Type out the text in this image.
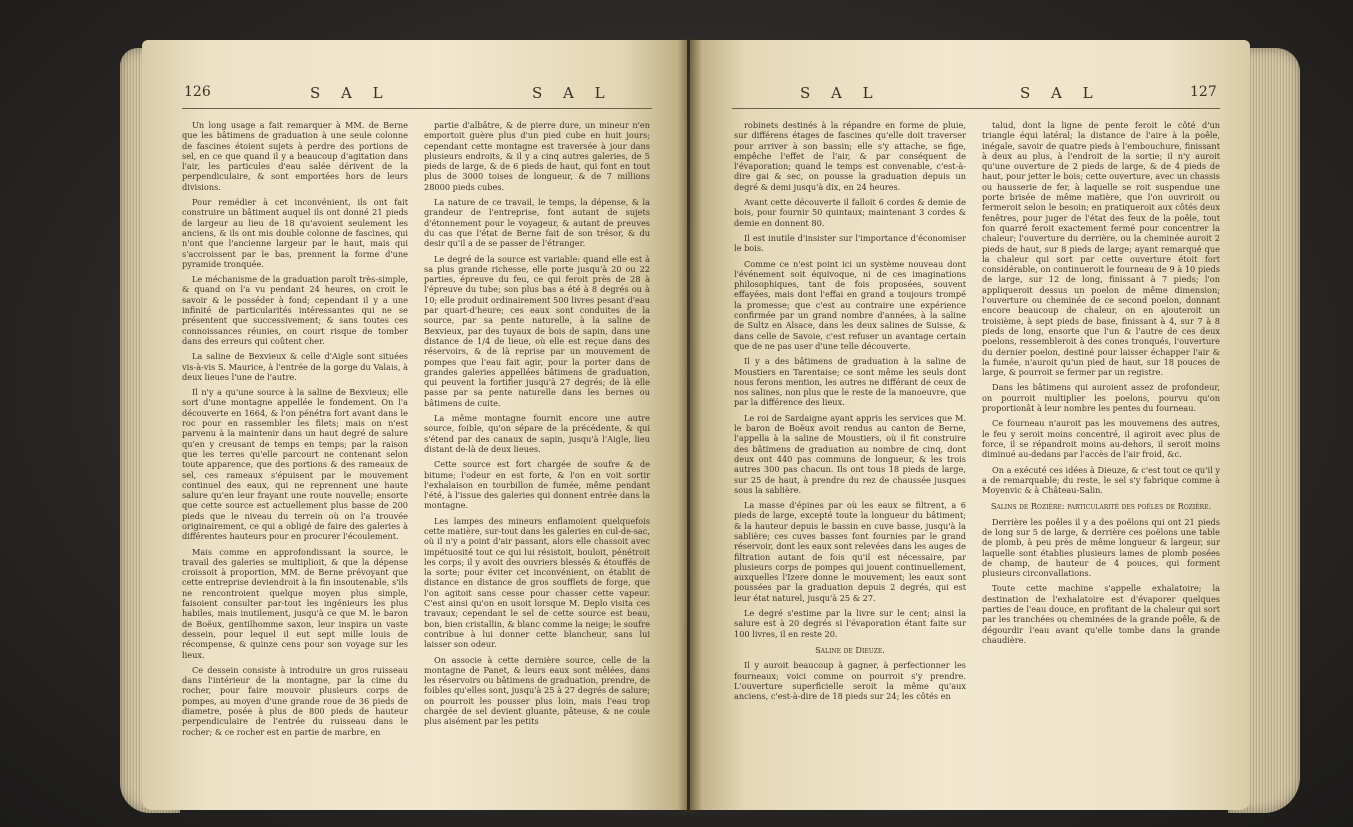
126	S A L	S A L

Un long usage a fait remarquer à MM. de Berne que les bâtimens de graduation à une seule colonne de fascines étoient sujets à perdre des portions de sel, en ce que quand il y a beaucoup d'agitation dans l'air, les particules d'eau salée dérivent de la perpendiculaire, & sont emportées hors de leurs divisions.

Pour remédier à cet inconvénient, ils ont fait construire un bâtiment auquel ils ont donné 21 pieds de largeur au lieu de 18 qu'avoient seulement les anciens, & ils ont mis double colonne de fascines, qui n'ont que l'ancienne largeur par le haut, mais qui s'accroissent par le bas, prennent la forme d'une pyramide tronquée.

Le méchanisme de la graduation paroît très-simple, & quand on l'a vu pendant 24 heures, on croit le savoir & le posséder à fond; cependant il y a une infinité de particularités intéressantes qui ne se présentent que successivement; & sans toutes ces connoissances réunies, on court risque de tomber dans des erreurs qui coûtent cher.

La saline de Bexvieux & celle d'Aigle sont situées vis-à-vis S. Maurice, à l'entrée de la gorge du Valais, à deux lieues l'une de l'autre.

Il n'y a qu'une source à la saline de Bexvieux; elle sort d'une montagne appellée le fondement. On l'a découverte en 1664, & l'on pénétra fort avant dans le roc pour en rassembler les filets; mais on n'est parvenu à la maintenir dans un haut degré de salure qu'en y creusant de temps en temps; par la raison que les terres qu'elle parcourt ne contenant selon toute apparence, que des portions & des rameaux de sel, ces rameaux s'épuisent par le mouvement continuel des eaux, qui ne reprennent une haute salure qu'en leur frayant une route nouvelle; ensorte que cette source est actuellement plus basse de 200 pieds que le niveau du terrein où on l'a trouvée originairement, ce qui a obligé de faire des galeries à différentes hauteurs pour en procurer l'écoulement.

Mais comme en approfondissant la source, le travail des galeries se multiplioit, & que la dépense croissoit à proportion, MM. de Berne prévoyant que cette entreprise deviendroit à la fin insoutenable, s'ils ne rencontroient quelque moyen plus simple, faisoient consulter par-tout les ingénieurs les plus habiles, mais inutilement, jusqu'à ce que M. le baron de Boëux, gentilhomme saxon, leur inspira un vaste dessein, pour lequel il eut sept mille louis de récompense, & quinze cens pour son voyage sur les lieux.

Ce dessein consiste à introduire un gros ruisseau dans l'intérieur de la montagne, par la cime du rocher, pour faire mouvoir plusieurs corps de pompes, au moyen d'une grande roue de 36 pieds de diametre, posée à plus de 800 pieds de hauteur perpendiculaire de l'entrée du ruisseau dans le rocher; & ce rocher est en partie de marbre, en

partie d'albâtre, & de pierre dure, un mineur n'en emportoit guère plus d'un pied cube en huit jours; cependant cette montagne est traversée à jour dans plusieurs endroits, & il y a cinq autres galeries, de 5 pieds de large, & de 6 pieds de haut, qui font en tout plus de 3000 toises de longueur, & de 7 millions 28000 pieds cubes.

La nature de ce travail, le temps, la dépense, & la grandeur de l'entreprise, font autant de sujets d'étonnement pour le voyageur, & autant de preuves du cas que l'état de Berne fait de son trésor, & du desir qu'il a de se passer de l'étranger.

Le degré de la source est variable: quand elle est à sa plus grande richesse, elle porte jusqu'à 20 ou 22 parties, épreuve du feu, ce qui feroit près de 28 à l'épreuve du tube; son plus bas a été à 8 degrés ou à 10; elle produit ordinairement 500 livres pesant d'eau par quart-d'heure; ces eaux sont conduites de la source, par sa pente naturelle, à la saline de Bexvieux, par des tuyaux de bois de sapin, dans une distance de 1/4 de lieue, où elle est reçue dans des réservoirs, & de là reprise par un mouvement de pompes que l'eau fait agir, pour la porter dans de grandes galeries appellées bâtimens de graduation, qui peuvent la fortifier jusqu'à 27 degrés; de là elle passe par sa pente naturelle dans les bernes ou bâtimens de cuite.

La même montagne fournit encore une autre source, foible, qu'on sépare de la précédente, & qui s'étend par des canaux de sapin, jusqu'à l'Aigle, lieu distant de-là de deux lieues.

Cette source est fort chargée de soufre & de bitume; l'odeur en est forte, & l'on en voit sortir l'exhalaison en tourbillon de fumée, même pendant l'été, à l'issue des galeries qui donnent entrée dans la montagne.

Les lampes des mineurs enflamoient quelquefois cette matière, sur-tout dans les galeries en cul-de-sac, où il n'y a point d'air passant, alors elle chassoit avec impétuosité tout ce qui lui résistoit, bouloit, pénétroit les corps; il y avoit des ouvriers blessés & étouffés de la sorte; pour éviter cet inconvénient, on établit de distance en distance de gros soufflets de forge, que l'on agitoit sans cesse pour chasser cette vapeur. C'est ainsi qu'on en usoit lorsque M. Deplo visita ces travaux; cependant le sel de cette source est beau, bon, bien cristallin, & blanc comme la neige; le soufre contribue à lui donner cette blancheur, sans lui laisser son odeur.

On associe à cette dernière source, celle de la montagne de Panet, & leurs eaux sont mêlées, dans les réservoirs ou bâtimens de graduation, prendre, de foibles qu'elles sont, jusqu'à 25 à 27 degrés de salure; on pourroit les pousser plus loin, mais l'eau trop chargée de sel devient gluante, pâteuse, & ne coule plus aisément par les petits

S A L	S A L	127

robinets destinés à la répandre en forme de pluie, sur différens étages de fascines qu'elle doit traverser pour arriver à son bassin; elle s'y attache, se fige, empêche l'effet de l'air, & par conséquent de l'évaporation; quand le temps est convenable, c'est-à-dire gai & sec, on pousse la graduation depuis un degré & demi jusqu'à dix, en 24 heures.

Avant cette découverte il falloit 6 cordes & demie de bois, pour fournir 50 quintaux; maintenant 3 cordes & demie en donnent 80.

Il est inutile d'insister sur l'importance d'économiser le bois.

Comme ce n'est point ici un système nouveau dont l'événement soit équivoque, ni de ces imaginations philosophiques, tant de fois proposées, souvent effayées, mais dont l'effai en grand a toujours trompé la promesse; que c'est au contraire une expérience confirmée par un grand nombre d'années, à la saline de Sultz en Alsace, dans les deux salines de Suisse, & dans celle de Savoie, c'est refuser un avantage certain que de ne pas user d'une telle découverte.

Il y a des bâtimens de graduation à la saline de Moustiers en Tarentaise; ce sont même les seuls dont nous ferons mention, les autres ne différant de ceux de nos salines, non plus que le reste de la manoeuvre, que par la différence des lieux.

Le roi de Sardaigne ayant appris les services que M. le baron de Boëux avoit rendus au canton de Berne, l'appella à la saline de Moustiers, où il fit construire des bâtimens de graduation au nombre de cinq, dont deux ont 440 pas communs de longueur, & les trois autres 300 pas chacun. Ils ont tous 18 pieds de large, sur 25 de haut, à prendre du rez de chaussée jusques sous la sablière.

La masse d'épines par où les eaux se filtrent, a 6 pieds de large, excepté toute la longueur du bâtiment; & la hauteur depuis le bassin en cuve basse, jusqu'à la sablière; ces cuves basses font fournies par le grand réservoir, dont les eaux sont relevées dans les auges de filtration autant de fois qu'il est nécessaire, par plusieurs corps de pompes qui jouent continuellement, auxquelles l'Izere donne le mouvement; les eaux sont poussées par la graduation depuis 2 degrés, qui est leur état naturel, jusqu'à 25 & 27.

Le degré s'estime par la livre sur le cent; ainsi la salure est à 20 degrés si l'évaporation étant faite sur 100 livres, il en reste 20.

Saline de Dieuze.

Il y auroit beaucoup à gagner, à perfectionner les fourneaux; voici comme on pourroit s'y prendre. L'ouverture superficielle seroit la même qu'aux anciens, c'est-à-dire de 18 pieds sur 24; les côtés en

talud, dont la ligne de pente feroit le côté d'un triangle équi latéral; la distance de l'aire à la poêle, inégale, savoir de quatre pieds à l'embouchure, finissant à deux au plus, à l'endroit de la sortie; il n'y auroit qu'une ouverture de 2 pieds de large, & de 4 pieds de haut, pour jetter le bois; cette ouverture, avec un chassis ou hausserie de fer, à laquelle se roit suspendue une porte brisée de même matière, que l'on ouvriroit ou fermeroit selon le besoin; en pratiqueroit aux côtés deux fenêtres, pour juger de l'état des feux de la poêle, tout fon quarré feroit exactement fermé pour concentrer la chaleur; l'ouverture du derrière, ou la cheminée auroit 2 pieds de haut, sur 8 pieds de large; ayant remarqué que la chaleur qui sort par cette ouverture étoit fort considérable, on continueroit le fourneau de 9 à 10 pieds de large, sur 12 de long, finissant à 7 pieds; l'on appliqueroit dessus un poelon de même dimension; l'ouverture ou cheminée de ce second poelon, donnant encore beaucoup de chaleur, on en ajouteroit un troisième, à sept pieds de base, finissant à 4, sur 7 à 8 pieds de long, ensorte que l'un & l'autre de ces deux poelons, ressembleroit à des cones tronqués, l'ouverture du dernier poelon, destiné pour laisser échapper l'air & la fumée, n'auroit qu'un pied de haut, sur 18 pouces de large, & pourroit se fermer par un registre.

Dans les bâtimens qui auroient assez de profondeur, on pourroit multiplier les poelons, pourvu qu'on proportionât à leur nombre les pentes du fourneau.

Ce fourneau n'auroit pas les mouvemens des autres, le feu y seroit moins concentré, il agiroit avec plus de force, il se répandroit moins au-dehors, il seroit moins diminué au-dedans par l'accès de l'air froid, &c.

On a exécuté ces idées à Dieuze, & c'est tout ce qu'il y a de remarquable; du reste, le sel s'y fabrique comme à Moyenvic & à Château-Salin.

Salins de Rozière: particularité des poêles de Rozière.

Derrière les poêles il y a des poëlons qui ont 21 pieds de long sur 5 de large, & derrière ces poëlons une table de plomb, à peu près de même longueur & largeur, sur laquelle sont établies plusieurs lames de plomb posées de champ, de hauteur de 4 pouces, qui forment plusieurs circonvallations.

Toute cette machine s'appelle exhalatoire; la destination de l'exhalatoire est d'évaporer quelques parties de l'eau douce, en profitant de la chaleur qui sort par les tranchées ou cheminées de la grande poêle, & de dégourdir l'eau avant qu'elle tombe dans la grande chaudière.
